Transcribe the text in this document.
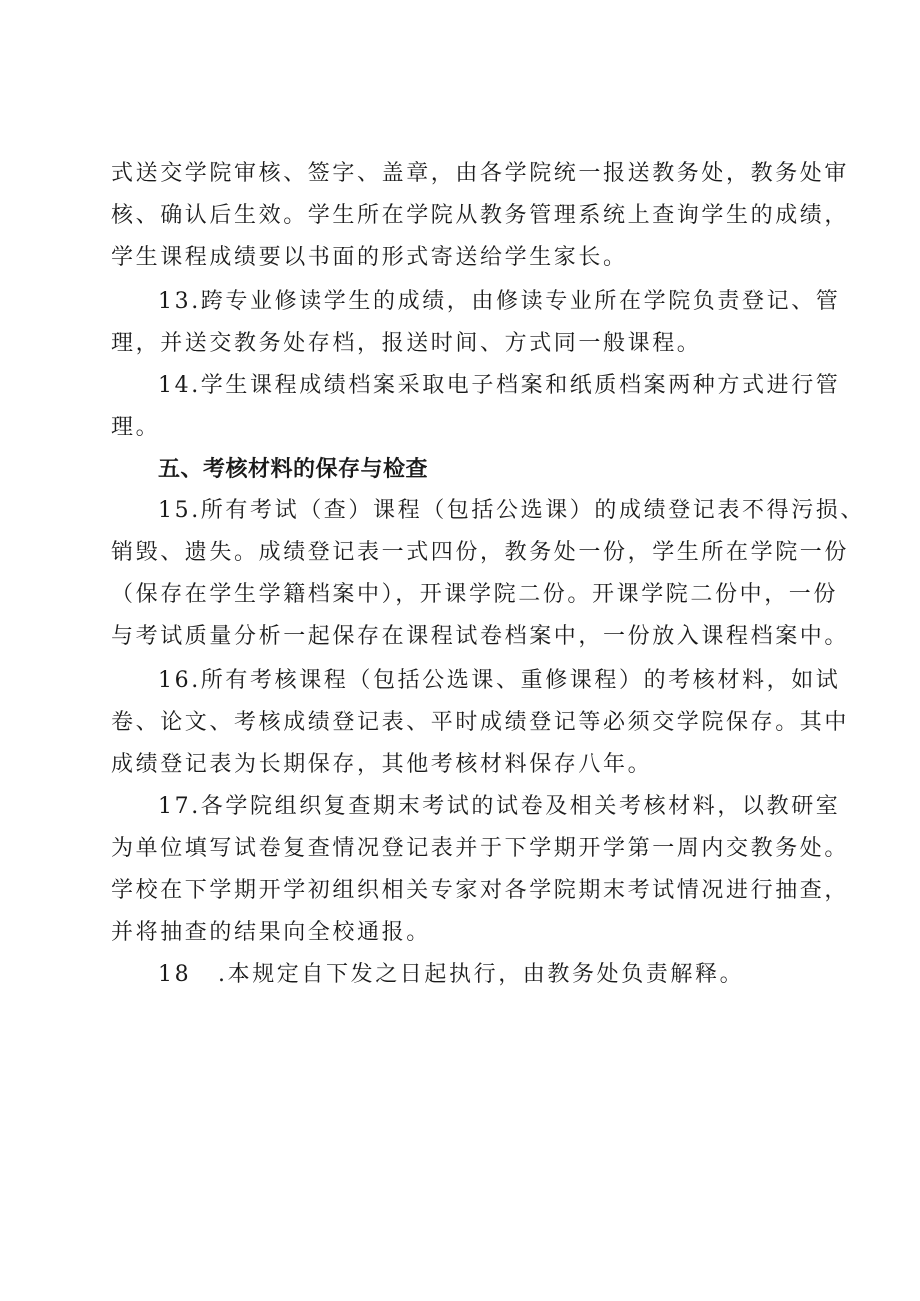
式送交学院审核、签字、盖章，由各学院统一报送教务处，教务处审
核、确认后生效。学生所在学院从教务管理系统上查询学生的成绩，
学生课程成绩要以书面的形式寄送给学生家长。
13.跨专业修读学生的成绩，由修读专业所在学院负责登记、管
理，并送交教务处存档，报送时间、方式同一般课程。
14.学生课程成绩档案采取电子档案和纸质档案两种方式进行管
理。
五、考核材料的保存与检查
15.所有考试（查）课程（包括公选课）的成绩登记表不得污损、
销毁、遗失。成绩登记表一式四份，教务处一份，学生所在学院一份
（保存在学生学籍档案中），开课学院二份。开课学院二份中，一份
与考试质量分析一起保存在课程试卷档案中，一份放入课程档案中。
16.所有考核课程（包括公选课、重修课程）的考核材料，如试
卷、论文、考核成绩登记表、平时成绩登记等必须交学院保存。其中
成绩登记表为长期保存，其他考核材料保存八年。
17.各学院组织复查期末考试的试卷及相关考核材料，以教研室
为单位填写试卷复查情况登记表并于下学期开学第一周内交教务处。
学校在下学期开学初组织相关专家对各学院期末考试情况进行抽查，
并将抽查的结果向全校通报。
18 .本规定自下发之日起执行，由教务处负责解释。
